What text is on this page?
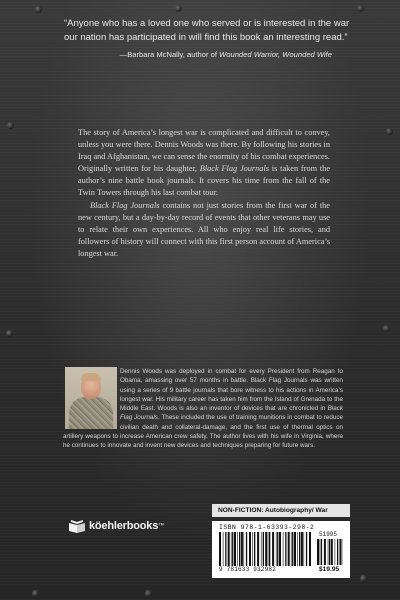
“Anyone who has a loved one who served or is interested in the war our nation has participated in will find this book an interesting read.”
—Barbara McNally, author of Wounded Warrior, Wounded Wife

The story of America’s longest war is complicated and difficult to convey, unless you were there. Dennis Woods was there. By following his stories in Iraq and Afghanistan, we can sense the enormity of his combat experiences. Originally written for his daughter, Black Flag Journals is taken from the author’s nine battle book journals. It covers his time from the fall of the Twin Towers through his last combat tour.

Black Flag Journals contains not just stories from the first war of the new century, but a day-by-day record of events that other veterans may use to relate their own experiences. All who enjoy real life stories, and followers of history will connect with this first person account of America’s longest war.

Dennis Woods was deployed in combat for every President from Reagan to Obama, amassing over 57 months in battle. Black Flag Journals was written using a series of 9 battle journals that bore witness to his actions in America’s longest war. His military career has taken him from the Island of Grenada to the Middle East. Woods is also an inventor of devices that are chronicled in Black Flag Journals. These included the use of training munitions in combat to reduce civilian death and collateral-damage, and the first use of thermal optics on artillery weapons to increase American crew safety. The author lives with his wife in Virginia, where he continues to innovate and invent new devices and techniques preparing for future wars.
köehlerbooks ™
NON-FICTION: Autobiography/ War
ISBN 978-1-63393-298-2
51995
9 781633 932982	$19.95
